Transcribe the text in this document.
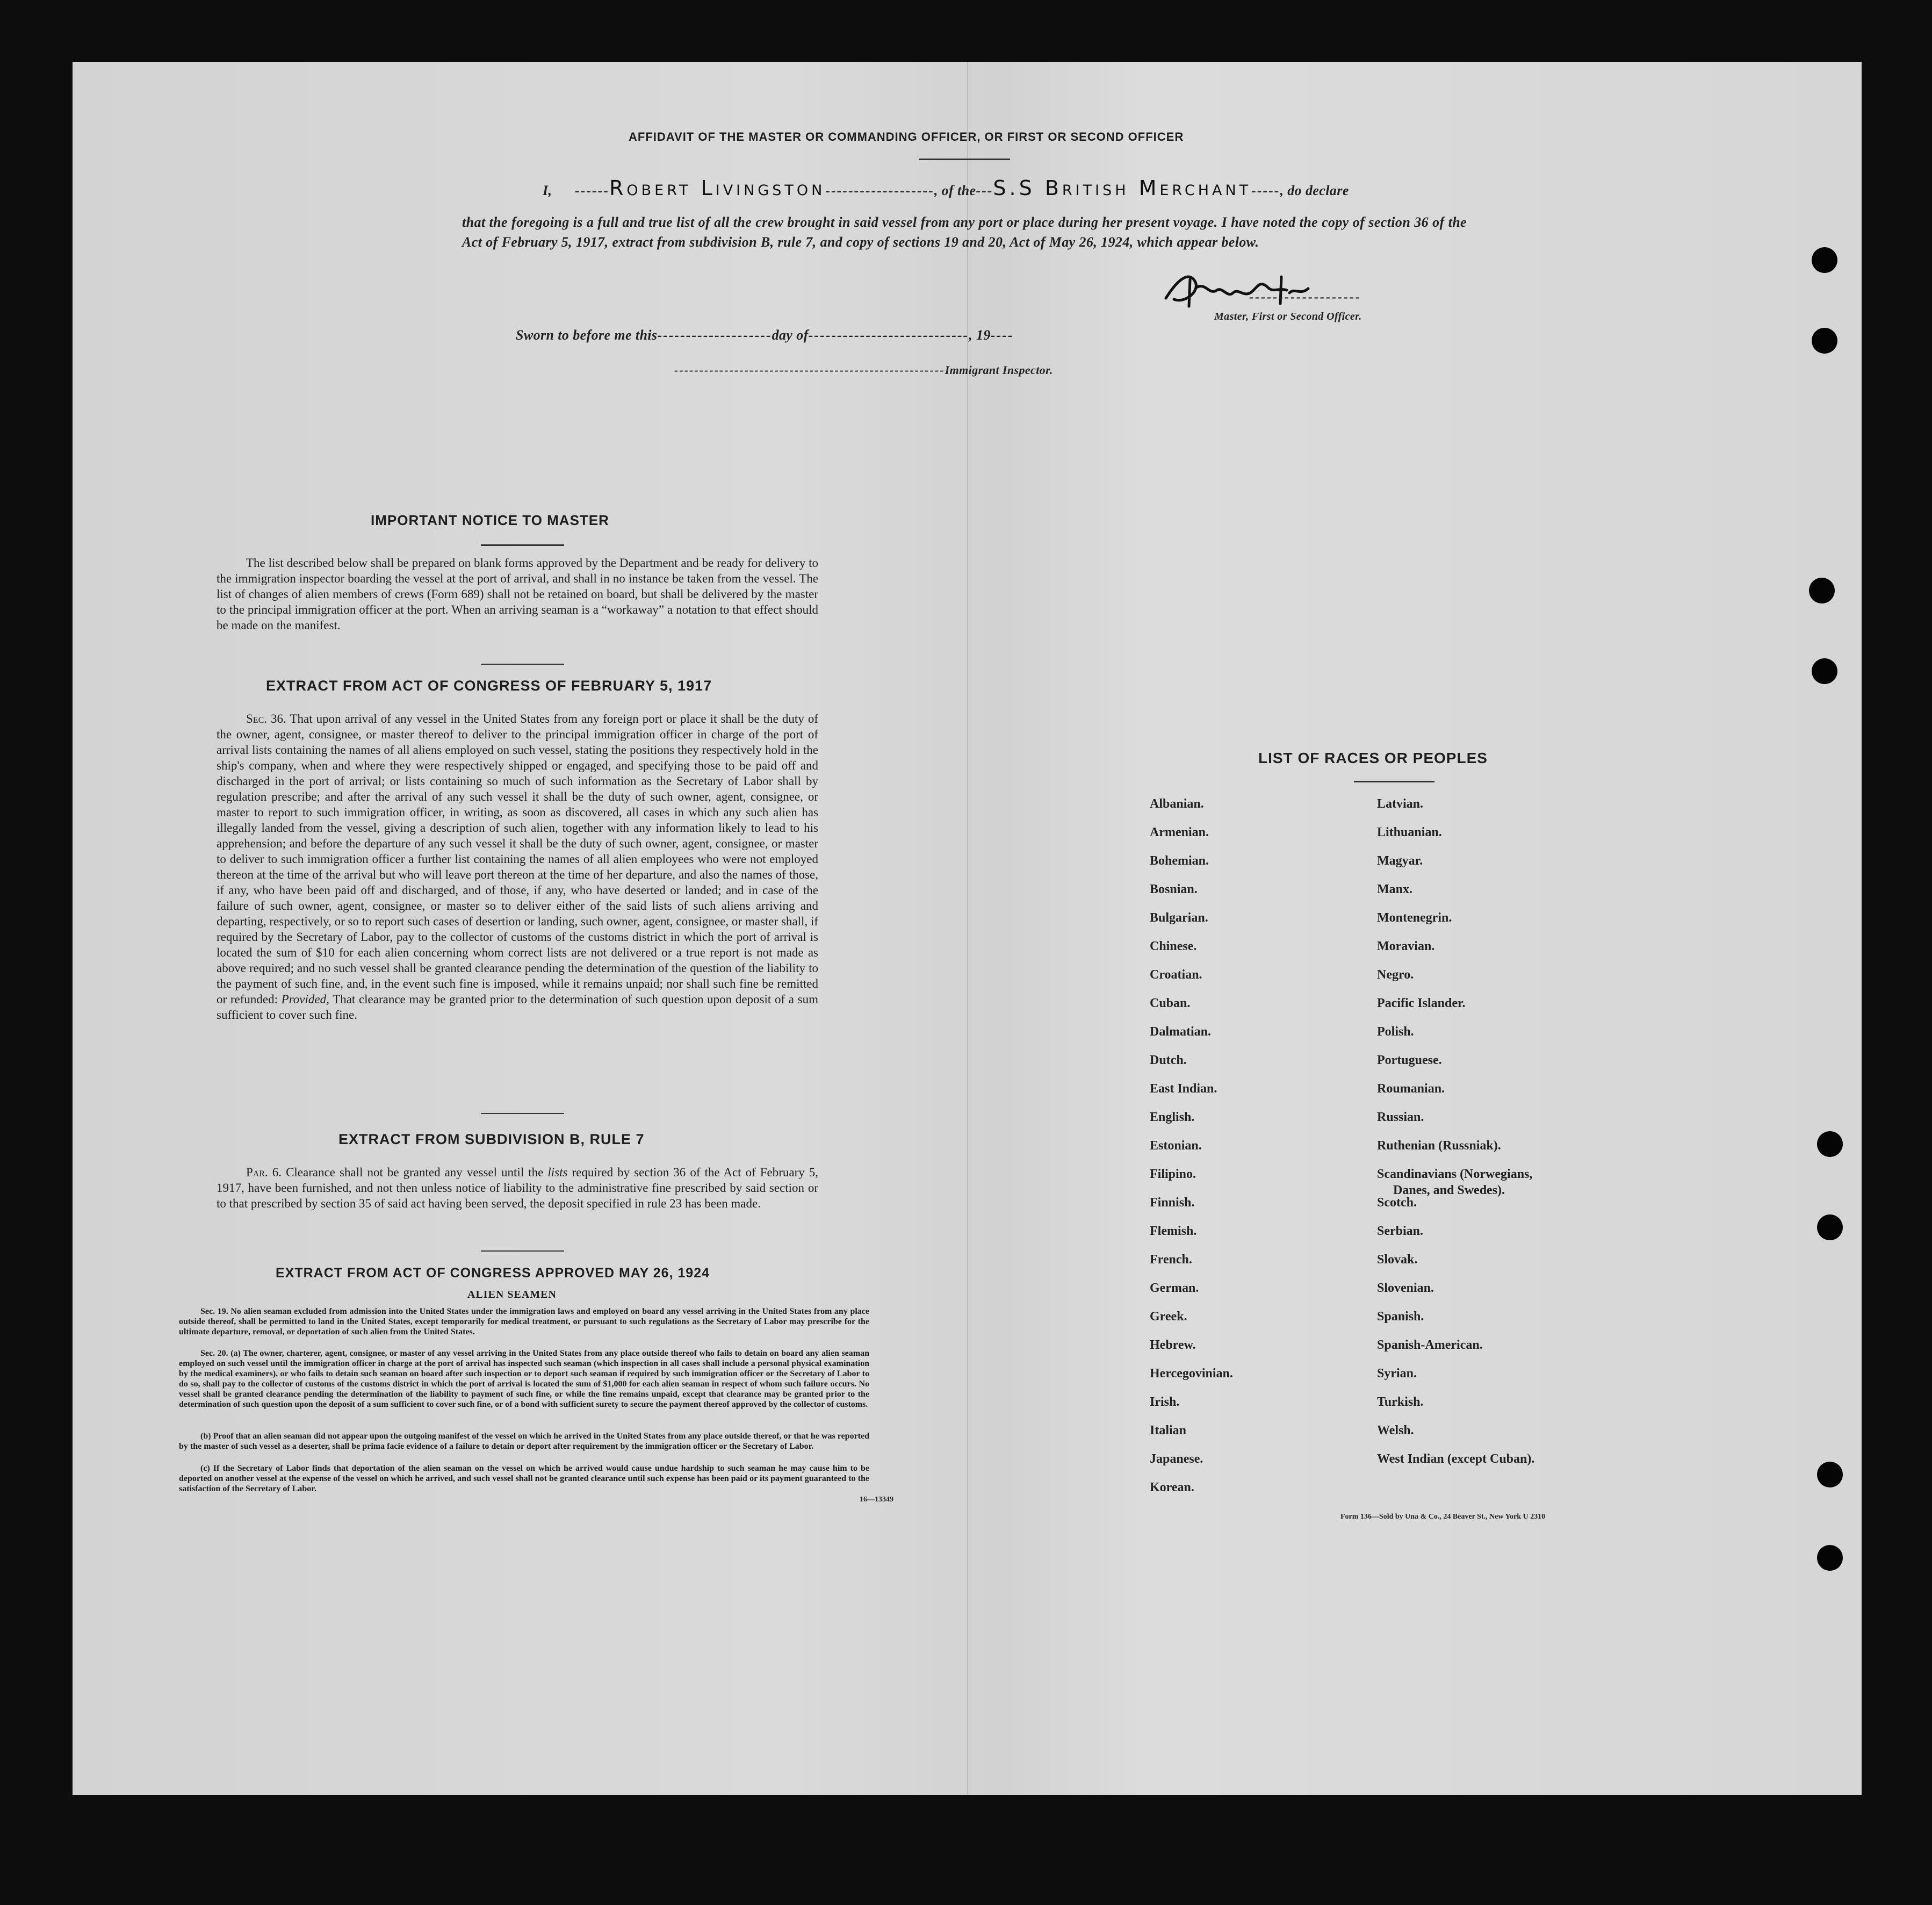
AFFIDAVIT OF THE MASTER OR COMMANDING OFFICER, OR FIRST OR SECOND OFFICER
I, ------Robert Livingston-------------------, of the---S.S British Merchant-----, do declare
that the foregoing is a full and true list of all the crew brought in said vessel from any port or place during her present voyage. I have noted the copy of section 36 of the Act of February 5, 1917, extract from subdivision B, rule 7, and copy of sections 19 and 20, Act of May 26, 1924, which appear below.
-------------------
Master, First or Second Officer.
Sworn to before me this--------------------day of----------------------------, 19----
------------------------------------------------------Immigrant Inspector.
IMPORTANT NOTICE TO MASTER
The list described below shall be prepared on blank forms approved by the Department and be ready for delivery to the immigration inspector boarding the vessel at the port of arrival, and shall in no instance be taken from the vessel. The list of changes of alien members of crews (Form 689) shall not be retained on board, but shall be delivered by the master to the principal immigration officer at the port. When an arriving seaman is a “workaway” a notation to that effect should be made on the manifest.
EXTRACT FROM ACT OF CONGRESS OF FEBRUARY 5, 1917
Sec. 36. That upon arrival of any vessel in the United States from any foreign port or place it shall be the duty of the owner, agent, consignee, or master thereof to deliver to the principal immigration officer in charge of the port of arrival lists containing the names of all aliens employed on such vessel, stating the positions they respectively hold in the ship's company, when and where they were respectively shipped or engaged, and specifying those to be paid off and discharged in the port of arrival; or lists containing so much of such information as the Secretary of Labor shall by regulation prescribe; and after the arrival of any such vessel it shall be the duty of such owner, agent, consignee, or master to report to such immigration officer, in writing, as soon as discovered, all cases in which any such alien has illegally landed from the vessel, giving a description of such alien, together with any information likely to lead to his apprehension; and before the departure of any such vessel it shall be the duty of such owner, agent, consignee, or master to deliver to such immigration officer a further list containing the names of all alien employees who were not employed thereon at the time of the arrival but who will leave port thereon at the time of her departure, and also the names of those, if any, who have been paid off and discharged, and of those, if any, who have deserted or landed; and in case of the failure of such owner, agent, consignee, or master so to deliver either of the said lists of such aliens arriving and departing, respectively, or so to report such cases of desertion or landing, such owner, agent, consignee, or master shall, if required by the Secretary of Labor, pay to the collector of customs of the customs district in which the port of arrival is located the sum of $10 for each alien concerning whom correct lists are not delivered or a true report is not made as above required; and no such vessel shall be granted clearance pending the determination of the question of the liability to the payment of such fine, and, in the event such fine is imposed, while it remains unpaid; nor shall such fine be remitted or refunded: Provided, That clearance may be granted prior to the determination of such question upon deposit of a sum sufficient to cover such fine.
EXTRACT FROM SUBDIVISION B, RULE 7
Par. 6. Clearance shall not be granted any vessel until the lists required by section 36 of the Act of February 5, 1917, have been furnished, and not then unless notice of liability to the administrative fine prescribed by said section or to that prescribed by section 35 of said act having been served, the deposit specified in rule 23 has been made.
EXTRACT FROM ACT OF CONGRESS APPROVED MAY 26, 1924
ALIEN SEAMEN
Sec. 19. No alien seaman excluded from admission into the United States under the immigration laws and employed on board any vessel arriving in the United States from any place outside thereof, shall be permitted to land in the United States, except temporarily for medical treatment, or pursuant to such regulations as the Secretary of Labor may prescribe for the ultimate departure, removal, or deportation of such alien from the United States.
Sec. 20. (a) The owner, charterer, agent, consignee, or master of any vessel arriving in the United States from any place outside thereof who fails to detain on board any alien seaman employed on such vessel until the immigration officer in charge at the port of arrival has inspected such seaman (which inspection in all cases shall include a personal physical examination by the medical examiners), or who fails to detain such seaman on board after such inspection or to deport such seaman if required by such immigration officer or the Secretary of Labor to do so, shall pay to the collector of customs of the customs district in which the port of arrival is located the sum of $1,000 for each alien seaman in respect of whom such failure occurs. No vessel shall be granted clearance pending the determination of the liability to payment of such fine, or while the fine remains unpaid, except that clearance may be granted prior to the determination of such question upon the deposit of a sum sufficient to cover such fine, or of a bond with sufficient surety to secure the payment thereof approved by the collector of customs.
(b) Proof that an alien seaman did not appear upon the outgoing manifest of the vessel on which he arrived in the United States from any place outside thereof, or that he was reported by the master of such vessel as a deserter, shall be prima facie evidence of a failure to detain or deport after requirement by the immigration officer or the Secretary of Labor.
(c) If the Secretary of Labor finds that deportation of the alien seaman on the vessel on which he arrived would cause undue hardship to such seaman he may cause him to be deported on another vessel at the expense of the vessel on which he arrived, and such vessel shall not be granted clearance until such expense has been paid or its payment guaranteed to the satisfaction of the Secretary of Labor.
16—13349
LIST OF RACES OR PEOPLES
Form 136—Sold by Una & Co., 24 Beaver St., New York U 2310
Albanian.
Armenian.
Bohemian.
Bosnian.
Bulgarian.
Chinese.
Croatian.
Cuban.
Dalmatian.
Dutch.
East Indian.
English.
Estonian.
Filipino.
Finnish.
Flemish.
French.
German.
Greek.
Hebrew.
Hercegovinian.
Irish.
Italian
Japanese.
Korean.
Latvian.
Lithuanian.
Magyar.
Manx.
Montenegrin.
Moravian.
Negro.
Pacific Islander.
Polish.
Portuguese.
Roumanian.
Russian.
Ruthenian (Russniak).
Scandinavians (Norwegians,
Danes, and Swedes).
Scotch.
Serbian.
Slovak.
Slovenian.
Spanish.
Spanish-American.
Syrian.
Turkish.
Welsh.
West Indian (except Cuban).
